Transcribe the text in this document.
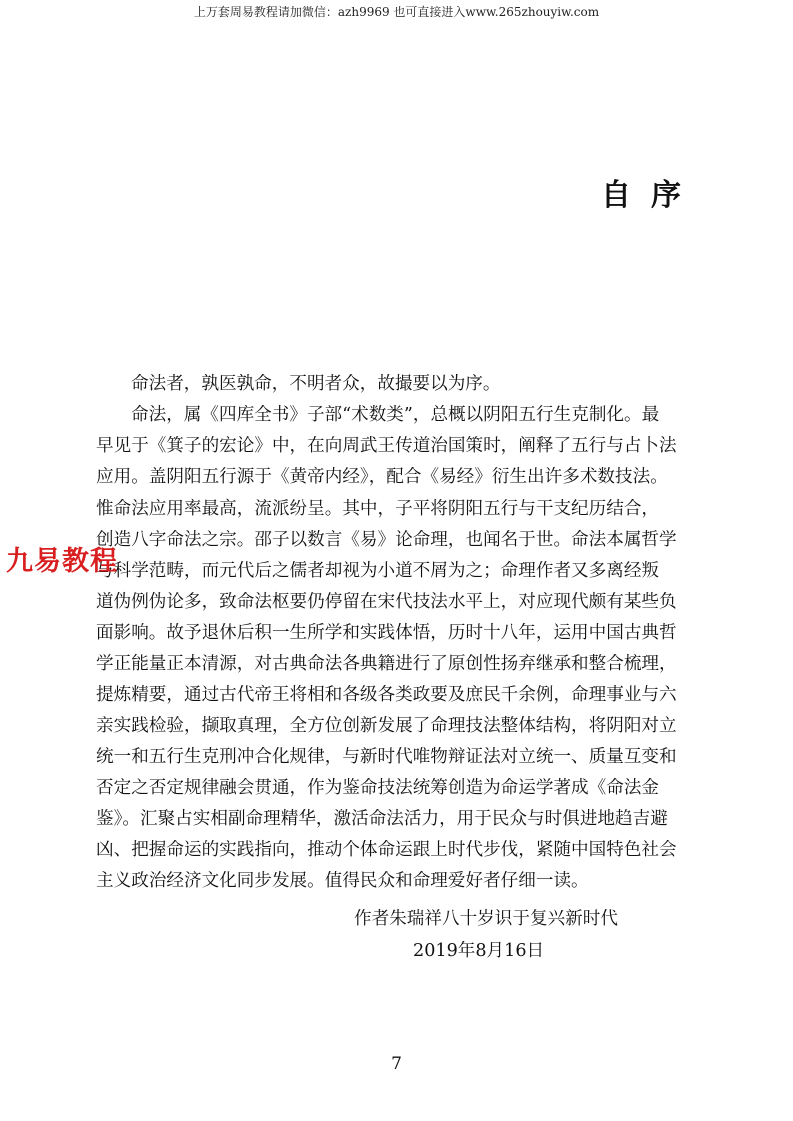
上万套周易教程请加微信：azh9969 也可直接进入www.265zhouyiw.com
自序
命法者，孰医孰命，不明者众，故撮要以为序。
命法，属《四库全书》子部“术数类”，总概以阴阳五行生克制化。最
早见于《箕子的宏论》中，在向周武王传道治国策时，阐释了五行与占卜法
应用。盖阴阳五行源于《黄帝内经》，配合《易经》衍生出许多术数技法。
惟命法应用率最高，流派纷呈。其中，子平将阴阳五行与干支纪历结合，
创造八字命法之宗。邵子以数言《易》论命理，也闻名于世。命法本属哲学
与科学范畴，而元代后之儒者却视为小道不屑为之；命理作者又多离经叛
道伪例伪论多，致命法枢要仍停留在宋代技法水平上，对应现代颇有某些负
面影响。故予退休后积一生所学和实践体悟，历时十八年，运用中国古典哲
学正能量正本清源，对古典命法各典籍进行了原创性扬弃继承和整合梳理，
提炼精要，通过古代帝王将相和各级各类政要及庶民千余例，命理事业与六
亲实践检验，撷取真理，全方位创新发展了命理技法整体结构，将阴阳对立
统一和五行生克刑冲合化规律，与新时代唯物辩证法对立统一、质量互变和
否定之否定规律融会贯通，作为鉴命技法统筹创造为命运学著成《命法金
鉴》。汇聚占实相副命理精华，激活命法活力，用于民众与时俱进地趋吉避
凶、把握命运的实践指向，推动个体命运跟上时代步伐，紧随中国特色社会
主义政治经济文化同步发展。值得民众和命理爱好者仔细一读。
作者朱瑞祥八十岁识于复兴新时代
2019年8月16日
7
九易教程
